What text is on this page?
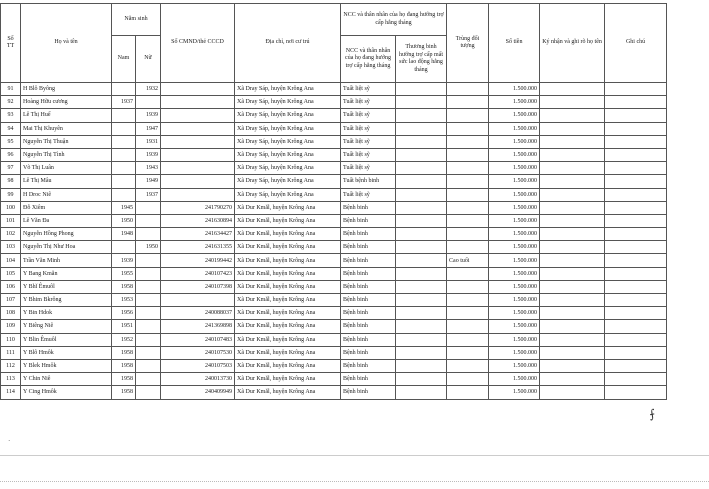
Số TT	Họ và tên	Năm sinh		Số CMND/thẻ CCCD	Địa chỉ, nơi cư trú	NCC và thân nhân của họ đang hưởng trợ cấp hằng tháng		Trùng đối tượng	Số tiền	Ký nhận và ghi rõ họ tên	Ghi chú
		Nam	Nữ			NCC và thân nhân của họ đang hưởng trợ cấp hằng tháng	Thương binh hưởng trợ cấp mất sức lao động hằng tháng				
91	H Blô Byông		1932		Xã Dray Sáp, huyện Krông Ana	Tuất liệt sỹ			1.500.000		
92	Hoàng Hữu cương	1937			Xã Dray Sáp, huyện Krông Ana	Tuất liệt sỹ			1.500.000		
93	Lê Thị Huế		1939		Xã Dray Sáp, huyện Krông Ana	Tuất liệt sỹ			1.500.000		
94	Mai Thị Khuyên		1947		Xã Dray Sáp, huyện Krông Ana	Tuất liệt sỹ			1.500.000		
95	Nguyễn Thị Thuận		1931		Xã Dray Sáp, huyện Krông Ana	Tuất liệt sỹ			1.500.000		
96	Nguyễn Thị Tình		1939		Xã Dray Sáp, huyện Krông Ana	Tuất liệt sỹ			1.500.000		
97	Võ Thị Luân		1943		Xã Dray Sáp, huyện Krông Ana	Tuất liệt sỹ			1.500.000		
98	Lê Thị Mâu		1949		Xã Dray Sáp, huyện Krông Ana	Tuất bệnh binh			1.500.000		
99	H Droc Niê		1937		Xã Dray Sáp, huyện Krông Ana	Tuất liệt sỹ			1.500.000		
100	Đỗ Xiêm	1945		241790270	Xã Dur Kmăl, huyện Krông Ana	Bệnh binh			1.500.000		
101	Lê Văn Đa	1950		241630894	Xã Dur Kmăl, huyện Krông Ana	Bệnh binh			1.500.000		
102	Nguyễn Hồng Phong	1948		241634427	Xã Dur Kmăl, huyện Krông Ana	Bệnh binh			1.500.000		
103	Nguyễn Thị Như Hoa		1950	241631355	Xã Dur Kmăl, huyện Krông Ana	Bệnh binh			1.500.000		
104	Trần Văn Minh	1939		240199442	Xã Dur Kmăl, huyện Krông Ana	Bệnh binh		Cao tuổi	1.500.000		
105	Y Bang Kmăn	1955		240107423	Xã Dur Kmăl, huyện Krông Ana	Bệnh binh			1.500.000		
106	Y Bhĭ Êmuôl	1958		240107398	Xã Dur Kmăl, huyện Krông Ana	Bệnh binh			1.500.000		
107	Y Bhim Bkrông	1953			Xã Dur Kmăl, huyện Krông Ana	Bệnh binh			1.500.000		
108	Y Bin Hdok	1956		240088037	Xã Dur Kmăl, huyện Krông Ana	Bệnh binh			1.500.000		
109	Y Biêng Niê	1951		241369898	Xã Dur Kmăl, huyện Krông Ana	Bệnh binh			1.500.000		
110	Y Blin Êmuôl	1952		240107483	Xã Dur Kmăl, huyện Krông Ana	Bệnh binh			1.500.000		
111	Y Blô Hmôk	1958		240107530	Xã Dur Kmăl, huyện Krông Ana	Bệnh binh			1.500.000		
112	Y Blek Hmôk	1958		240107503	Xã Dur Kmăl, huyện Krông Ana	Bệnh binh			1.500.000		
113	Y Chin Niê	1958		240013730	Xã Dur Kmăl, huyện Krông Ana	Bệnh binh			1.500.000		
114	Y Cing Hmôk	1958		240409949	Xã Dur Kmăl, huyện Krông Ana	Bệnh binh			1.500.000		
⨍
·
